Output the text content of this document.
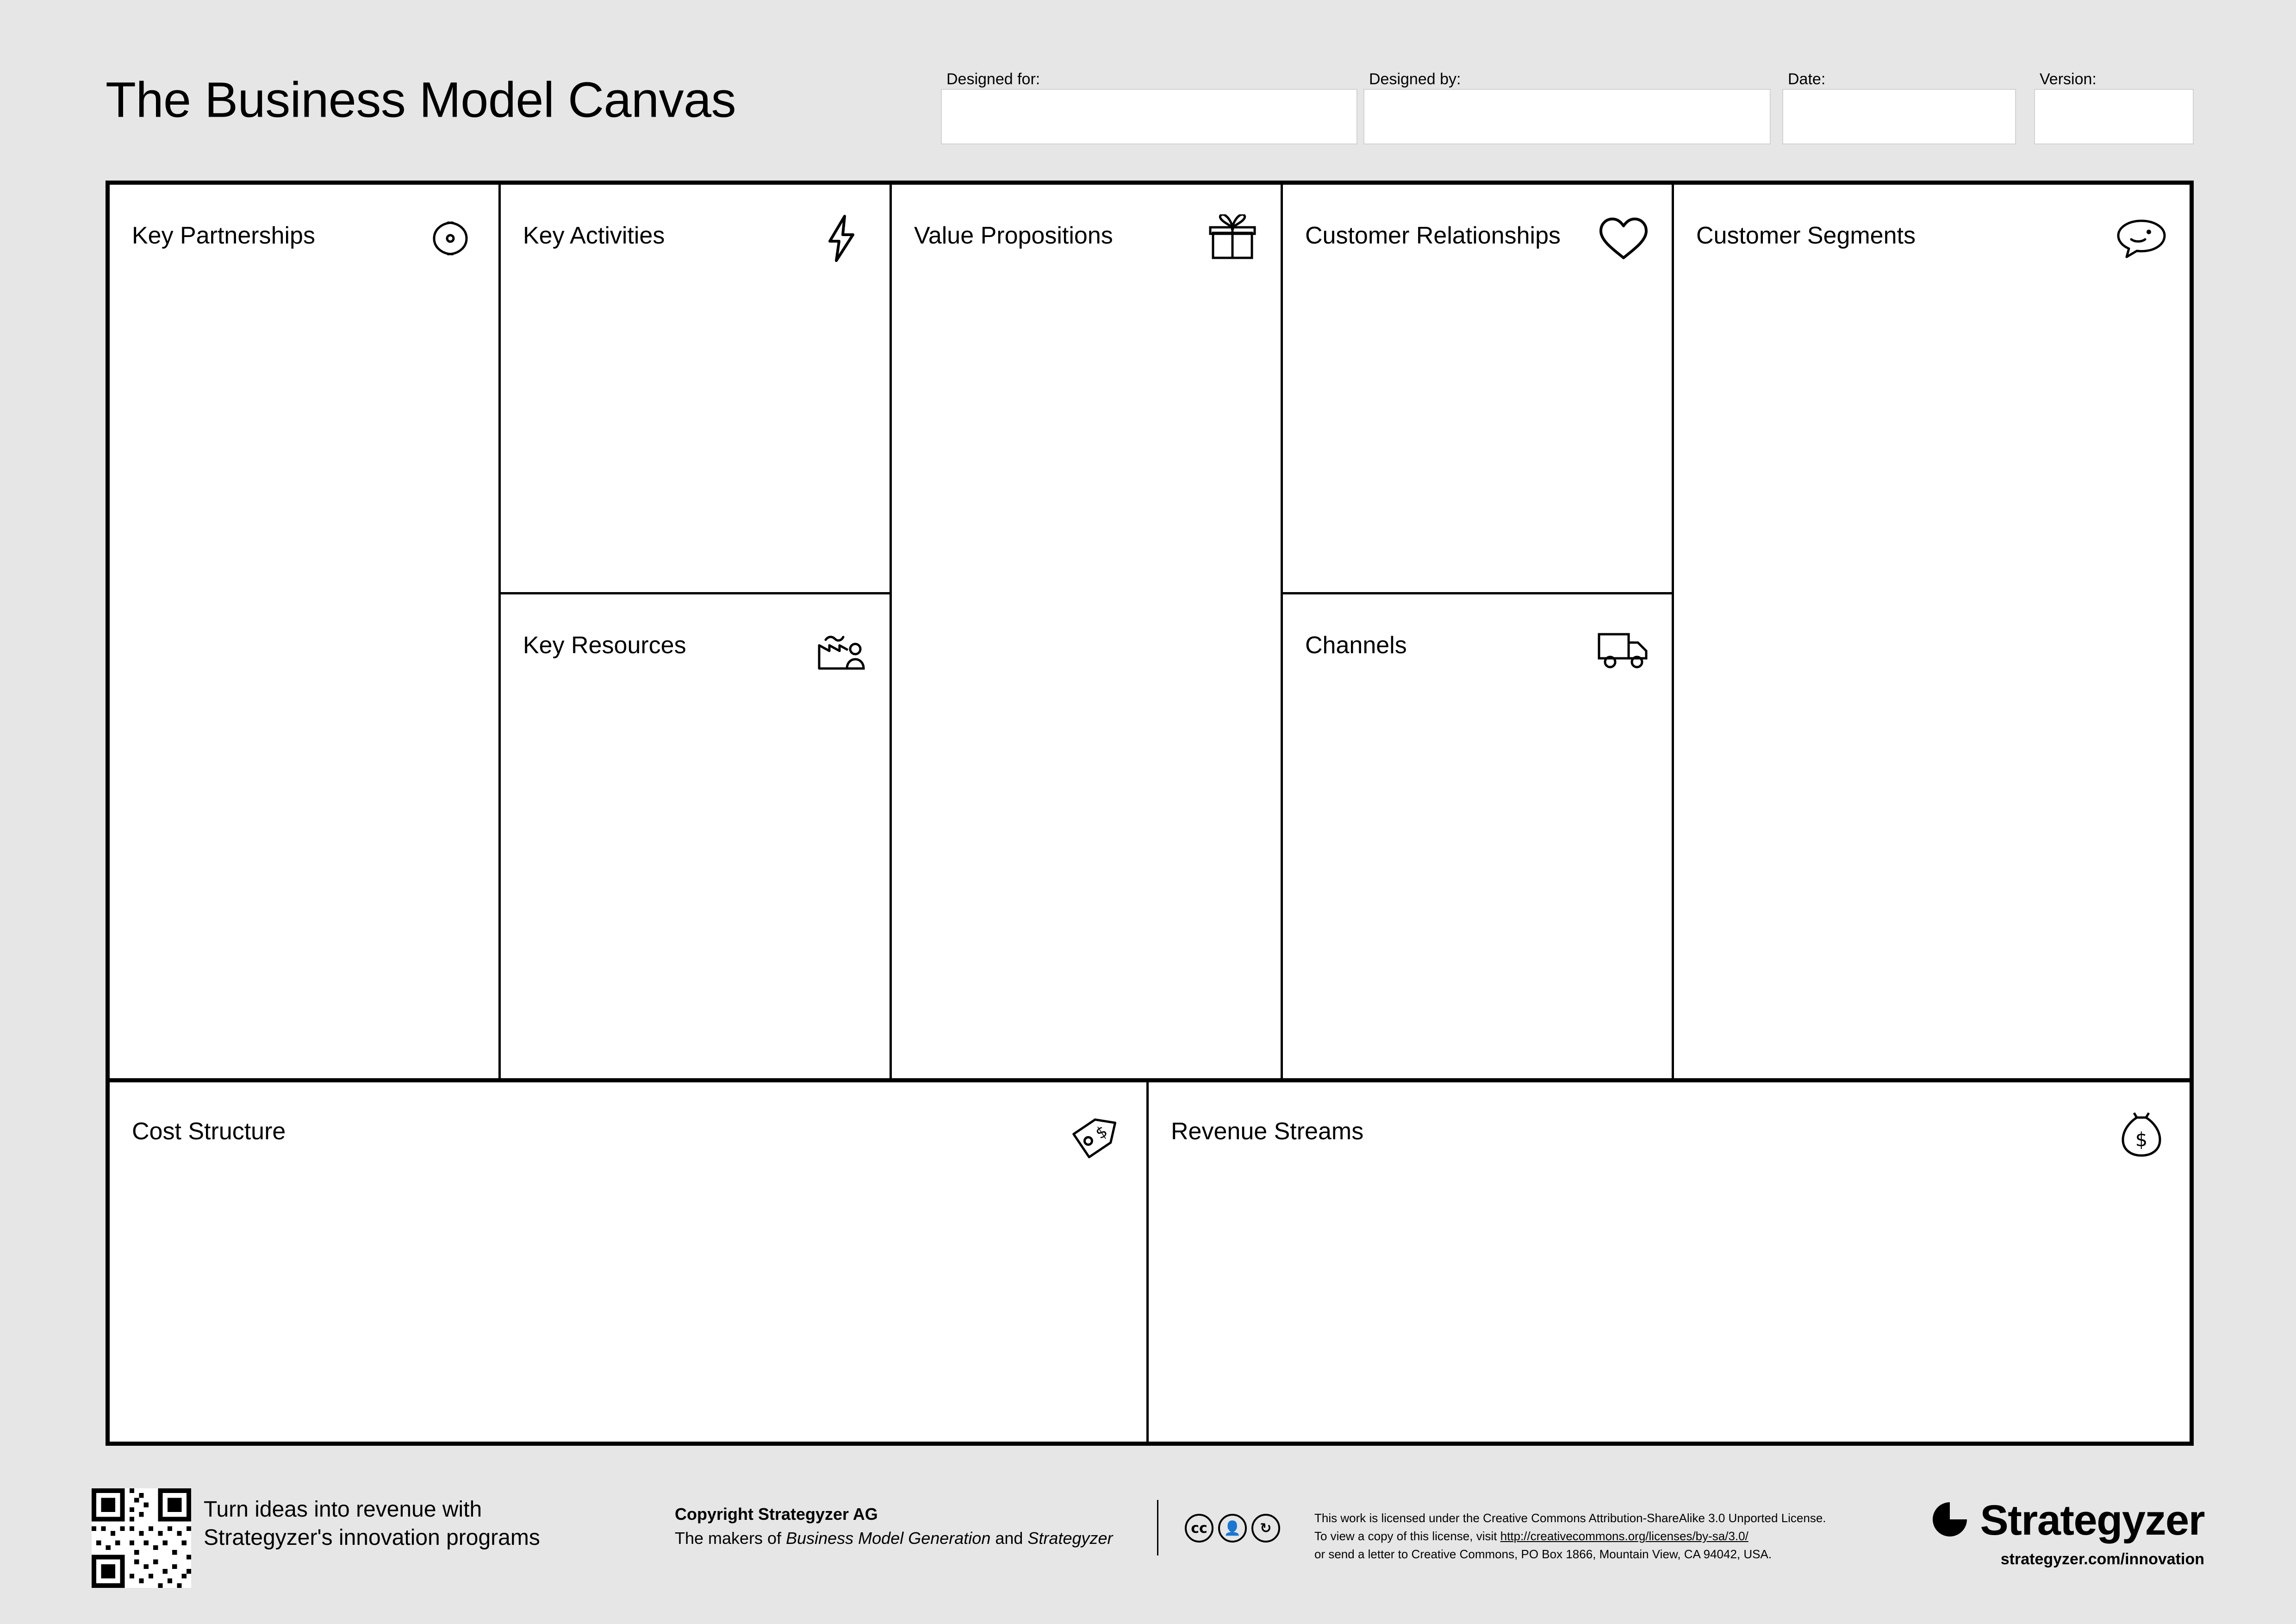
The Business Model Canvas	Designed for:	Designed by:	Date:	Version:
Key Partnerships	Key Activities
Key Resources
Value Propositions	Customer Relationships
Channels
Customer Segments
Cost Structure	$ Revenue Streams	$
Turn ideas into revenue with
Strategyzer's innovation programs
Copyright Strategyzer AG
The makers of Business Model Generation and Strategyzer
cc	👤	↻
This work is licensed under the Creative Commons Attribution-ShareAlike 3.0 Unported License.
To view a copy of this license, visit http://creativecommons.org/licenses/by-sa/3.0/
or send a letter to Creative Commons, PO Box 1866, Mountain View, CA 94042, USA.
Strategyzer
strategyzer.com/innovation
